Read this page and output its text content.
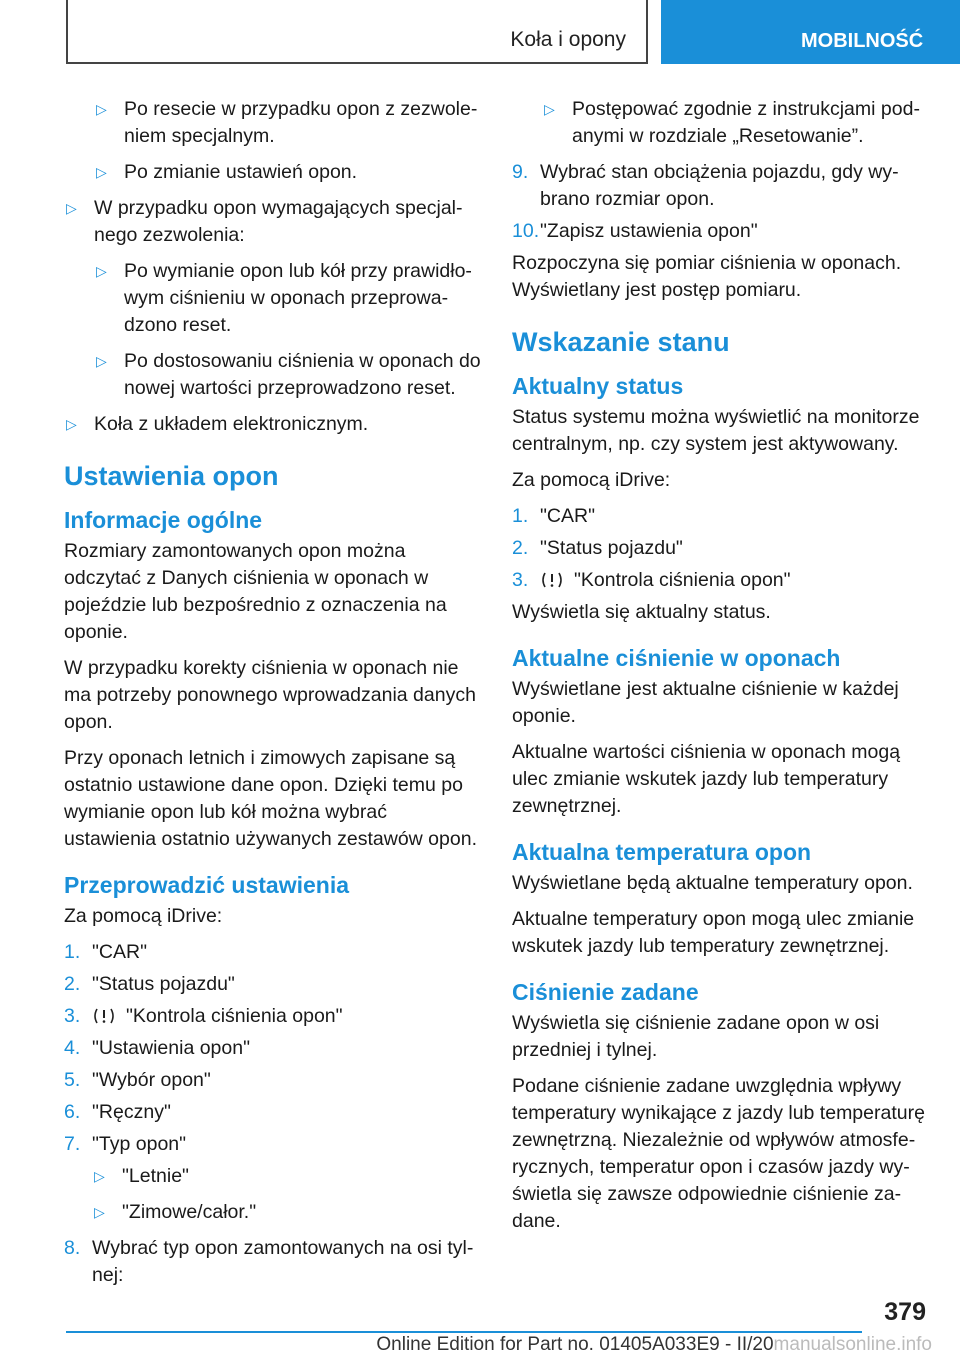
Koła i opony	MOBILNOŚĆ
▷ Po resecie w przypadku opon z zezwoleniem specjalnym.
▷ Po zmianie ustawień opon.
▷ W przypadku opon wymagających specjalnego zezwolenia:
▷ Po wymianie opon lub kół przy prawidłowym ciśnieniu w oponach przeprowadzono reset.
▷ Po dostosowaniu ciśnienia w oponach do nowej wartości przeprowadzono reset.
▷ Koła z układem elektronicznym.
Ustawienia opon
Informacje ogólne

Rozmiary zamontowanych opon można odczytać z Danych ciśnienia w oponach w pojeździe lub bezpośrednio z oznaczenia na oponie.

W przypadku korekty ciśnienia w oponach nie ma potrzeby ponownego wprowadzania danych opon.

Przy oponach letnich i zimowych zapisane są ostatnio ustawione dane opon. Dzięki temu po wymianie opon lub kół można wybrać ustawienia ostatnio używanych zestawów opon.

Przeprowadzić ustawienia

Za pomocą iDrive:

1. "CAR"
2. "Status pojazdu"
3. "Kontrola ciśnienia opon"
4. "Ustawienia opon"
5. "Wybór opon"
6. "Ręczny"
7. "Typ opon"
▷ "Letnie"
▷ "Zimowe/całor."
8. Wybrać typ opon zamontowanych na osi tylnej:
▷ Postępować zgodnie z instrukcjami podanymi w rozdziale „Resetowanie”.
9. Wybrać stan obciążenia pojazdu, gdy wybrano rozmiar opon.
10. "Zapisz ustawienia opon"

Rozpoczyna się pomiar ciśnienia w oponach. Wyświetlany jest postęp pomiaru.

Wskazanie stanu
Aktualny status

Status systemu można wyświetlić na monitorze centralnym, np. czy system jest aktywowany.

Za pomocą iDrive:

1. "CAR"
2. "Status pojazdu"
3. "Kontrola ciśnienia opon"

Wyświetla się aktualny status.

Aktualne ciśnienie w oponach

Wyświetlane jest aktualne ciśnienie w każdej oponie.

Aktualne wartości ciśnienia w oponach mogą ulec zmianie wskutek jazdy lub temperatury zewnętrznej.

Aktualna temperatura opon

Wyświetlane będą aktualne temperatury opon.

Aktualne temperatury opon mogą ulec zmianie wskutek jazdy lub temperatury zewnętrznej.

Ciśnienie zadane

Wyświetla się ciśnienie zadane opon w osi przedniej i tylnej.

Podane ciśnienie zadane uwzględnia wpływy temperatury wynikające z jazdy lub temperaturę zewnętrzną. Niezależnie od wpływów atmosferycznych, temperatur opon i czasów jazdy wyświetla się zawsze odpowiednie ciśnienie zadane.

379
Online Edition for Part no. 01405A033E9 - II/20manualsonline.info
